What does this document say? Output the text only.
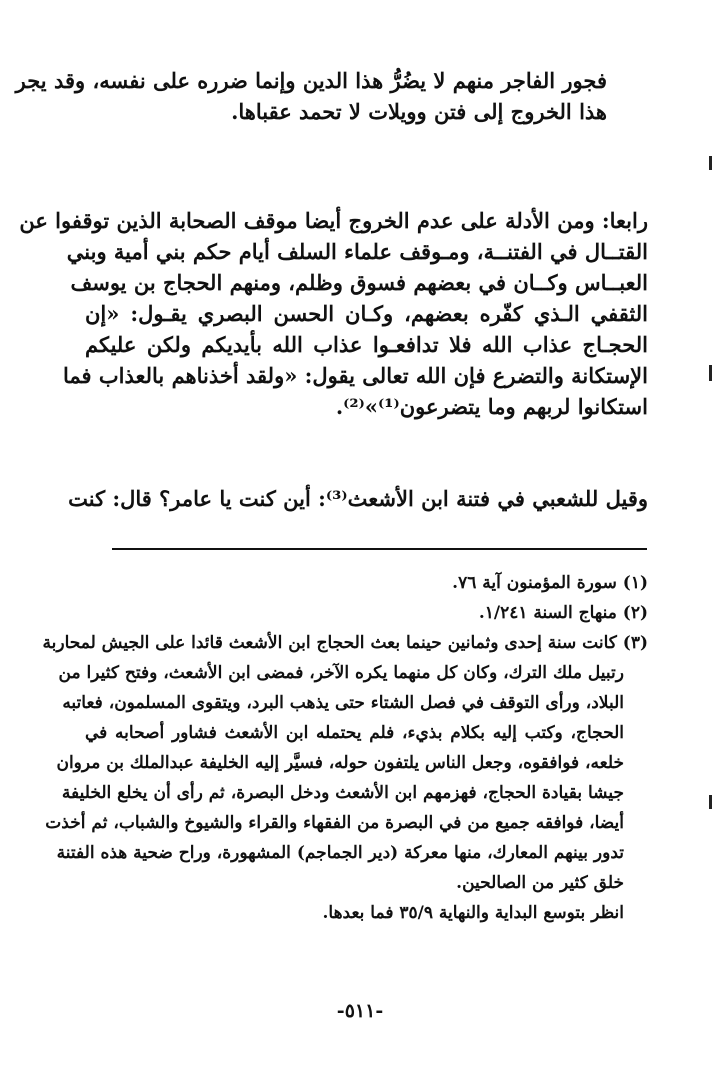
فجور الفاجر منهم لا يضُرُّ هذا الدين وإنما ضرره على نفسه، وقد يجر
هذا الخروج إلى فتن وويلات لا تحمد عقباها.
رابعا: ومن الأدلة على عدم الخروج أيضا موقف الصحابة الذين توقفوا عن
القتــال في الفتنــة، ومـوقف علماء السلف أيام حكم بني أمية وبني
العبــاس وكــان في بعضهم فسوق وظلم، ومنهم الحجاج بن يوسف
الثقفي الـذي كفّره بعضهم، وكـان الحسن البصري يقـول: «إن
الحجـاج عذاب الله فلا تدافعـوا عذاب الله بأيديكم ولكن عليكم
الإستكانة والتضرع فإن الله تعالى يقول: «ولقد أخذناهم بالعذاب فما
استكانوا لربهم وما يتضرعون⁽¹⁾»⁽²⁾.
وقيل للشعبي في فتنة ابن الأشعث⁽³⁾: أين كنت يا عامر؟ قال: كنت
(١) سورة المؤمنون آية ٧٦.
(٢) منهاج السنة ١/٢٤١.
(٣) كانت سنة إحدى وثمانين حينما بعث الحجاج ابن الأشعث قائدا على الجيش لمحاربة
رتبيل ملك الترك، وكان كل منهما يكره الآخر، فمضى ابن الأشعث، وفتح كثيرا من
البلاد، ورأى التوقف في فصل الشتاء حتى يذهب البرد، ويتقوى المسلمون، فعاتبه
الحجاج، وكتب إليه بكلام بذيء، فلم يحتمله ابن الأشعث فشاور أصحابه في
خلعه، فوافقوه، وجعل الناس يلتفون حوله، فسيَّر إليه الخليفة عبدالملك بن مروان
جيشا بقيادة الحجاج، فهزمهم ابن الأشعث ودخل البصرة، ثم رأى أن يخلع الخليفة
أيضا، فوافقه جميع من في البصرة من الفقهاء والقراء والشيوخ والشباب، ثم أخذت
تدور بينهم المعارك، منها معركة (دير الجماجم) المشهورة، وراح ضحية هذه الفتنة
خلق كثير من الصالحين.
انظر بتوسع البداية والنهاية ٣٥/٩ فما بعدها.
-٥١١-
